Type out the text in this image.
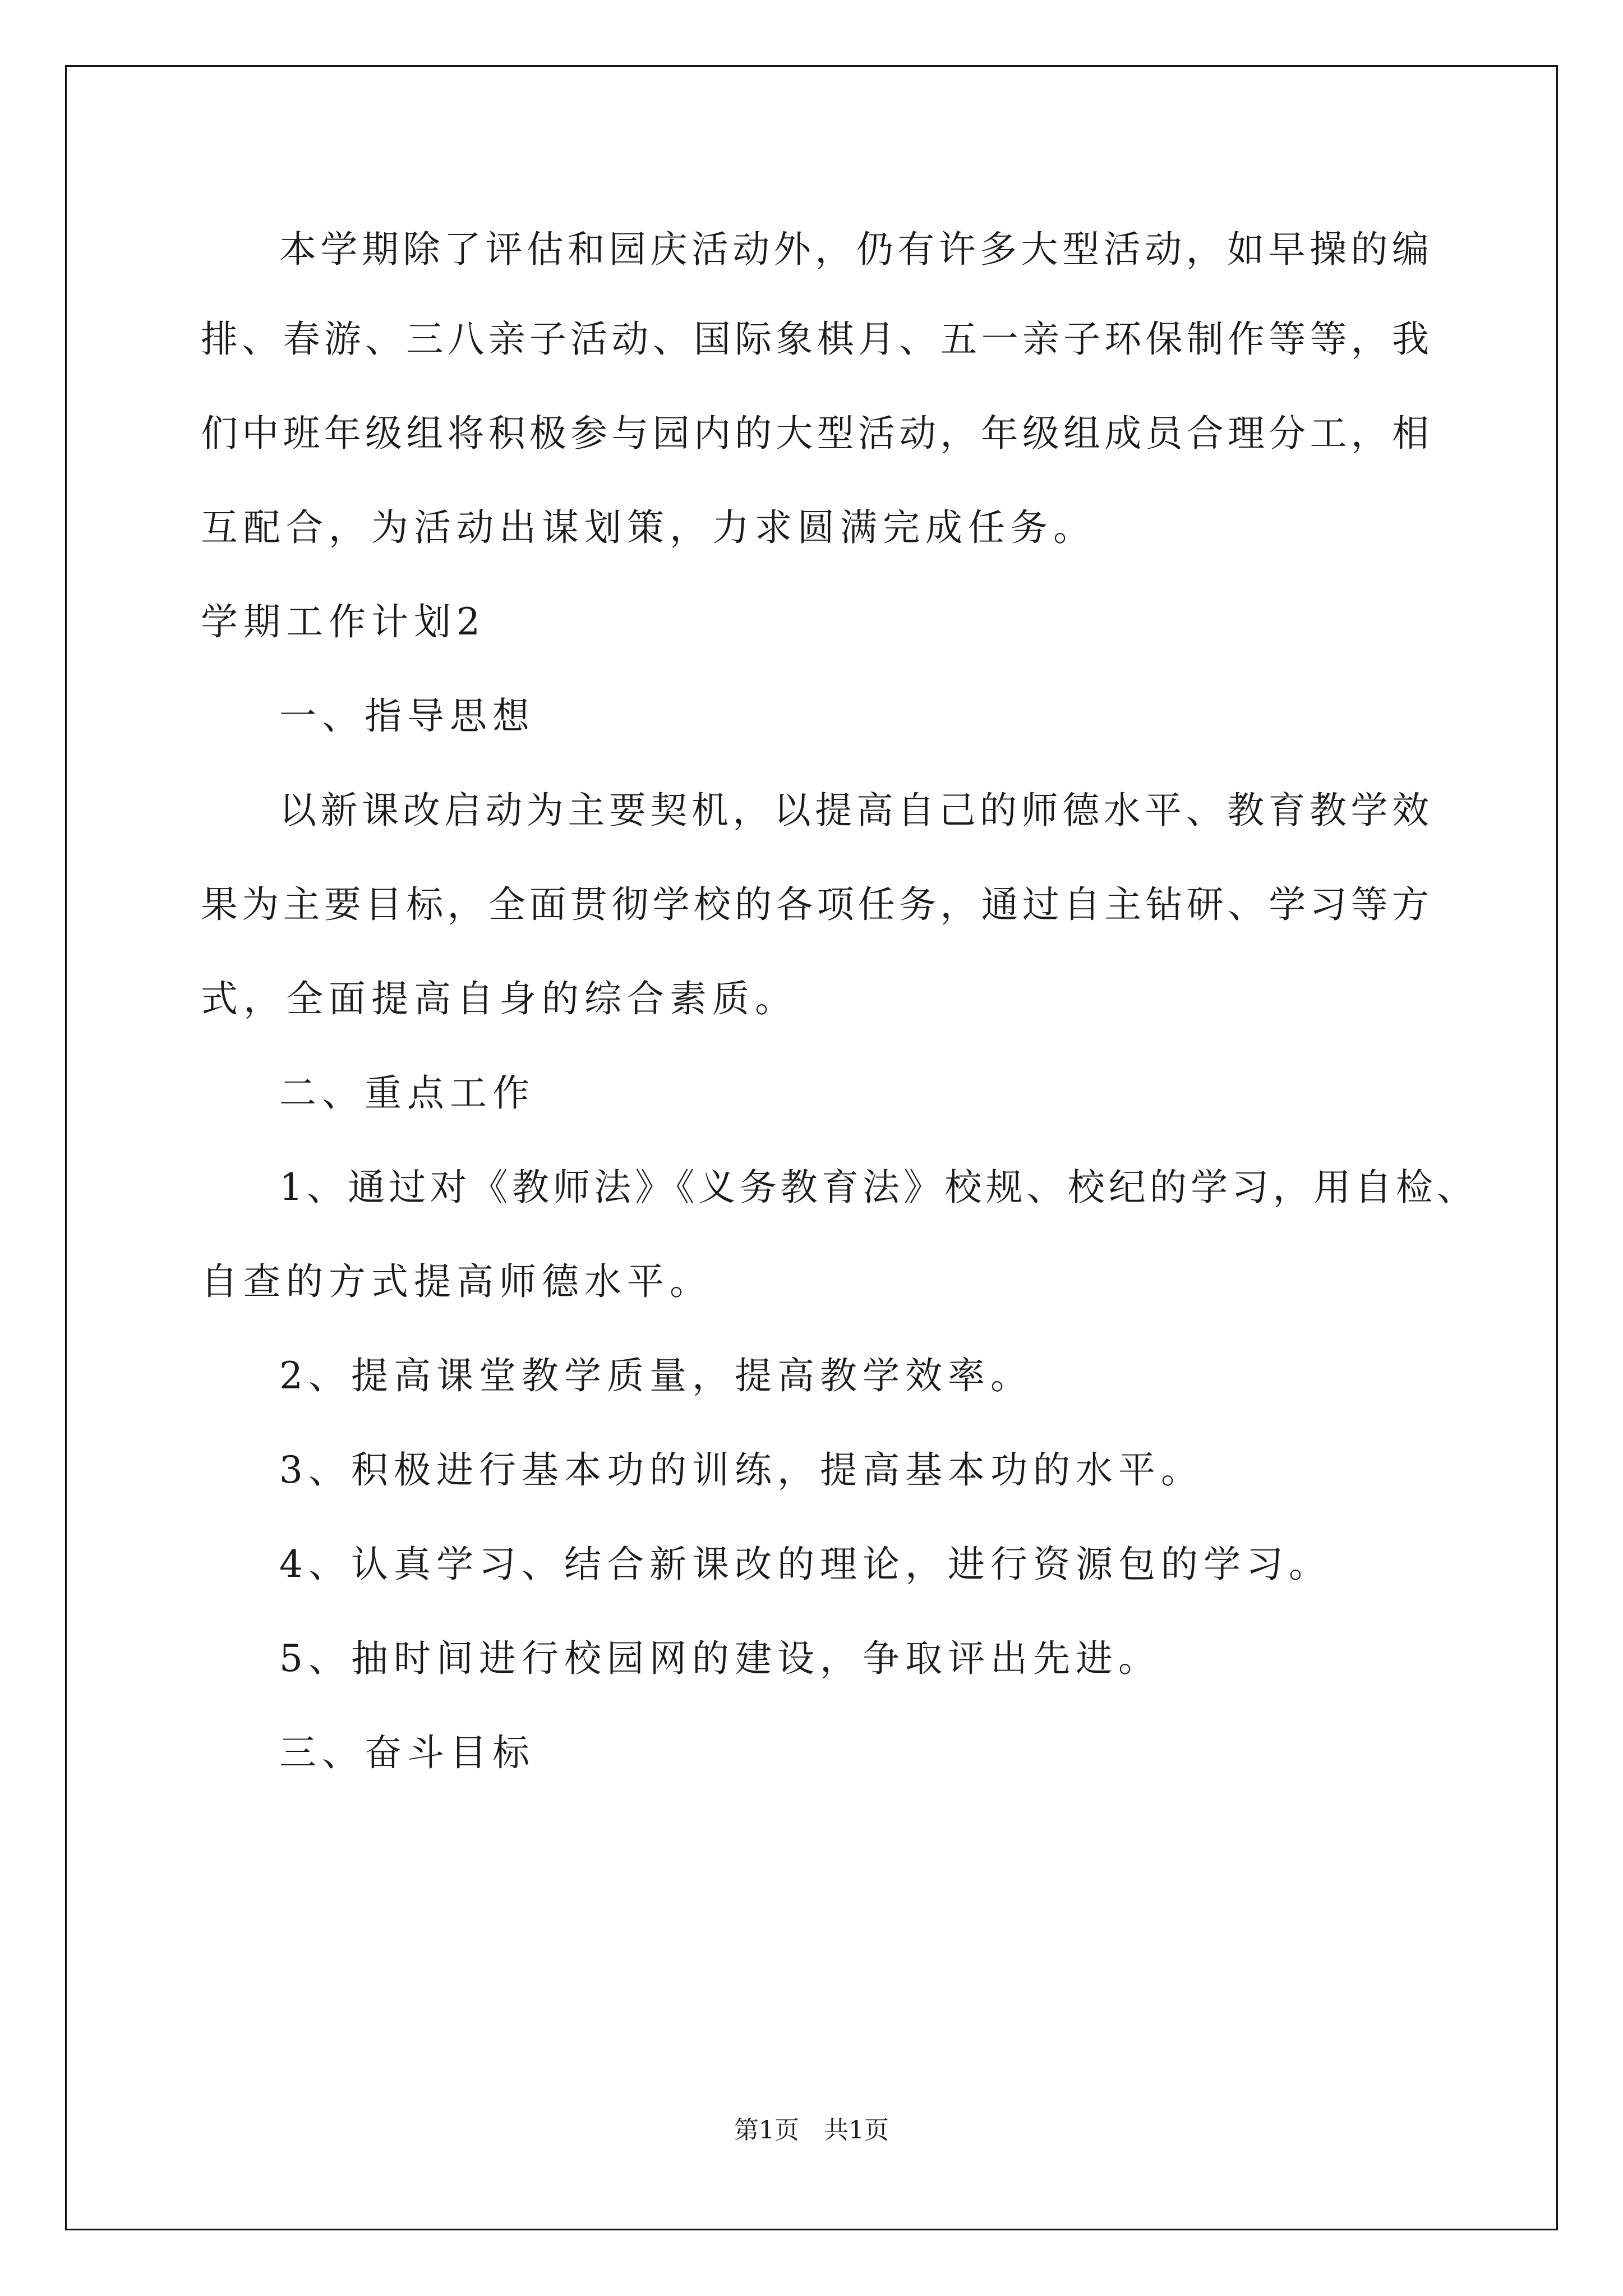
本学期除了评估和园庆活动外，仍有许多大型活动，如早操的编
排、春游、三八亲子活动、国际象棋月、五一亲子环保制作等等，我
们中班年级组将积极参与园内的大型活动，年级组成员合理分工，相
互配合，为活动出谋划策，力求圆满完成任务。
学期工作计划2
一、指导思想
以新课改启动为主要契机，以提高自己的师德水平、教育教学效
果为主要目标，全面贯彻学校的各项任务，通过自主钻研、学习等方
式，全面提高自身的综合素质。
二、重点工作
1、通过对《教师法》《义务教育法》校规、校纪的学习，用自检、
自查的方式提高师德水平。
2、提高课堂教学质量，提高教学效率。
3、积极进行基本功的训练，提高基本功的水平。
4、认真学习、结合新课改的理论，进行资源包的学习。
5、抽时间进行校园网的建设，争取评出先进。
三、奋斗目标
第1页　共1页
